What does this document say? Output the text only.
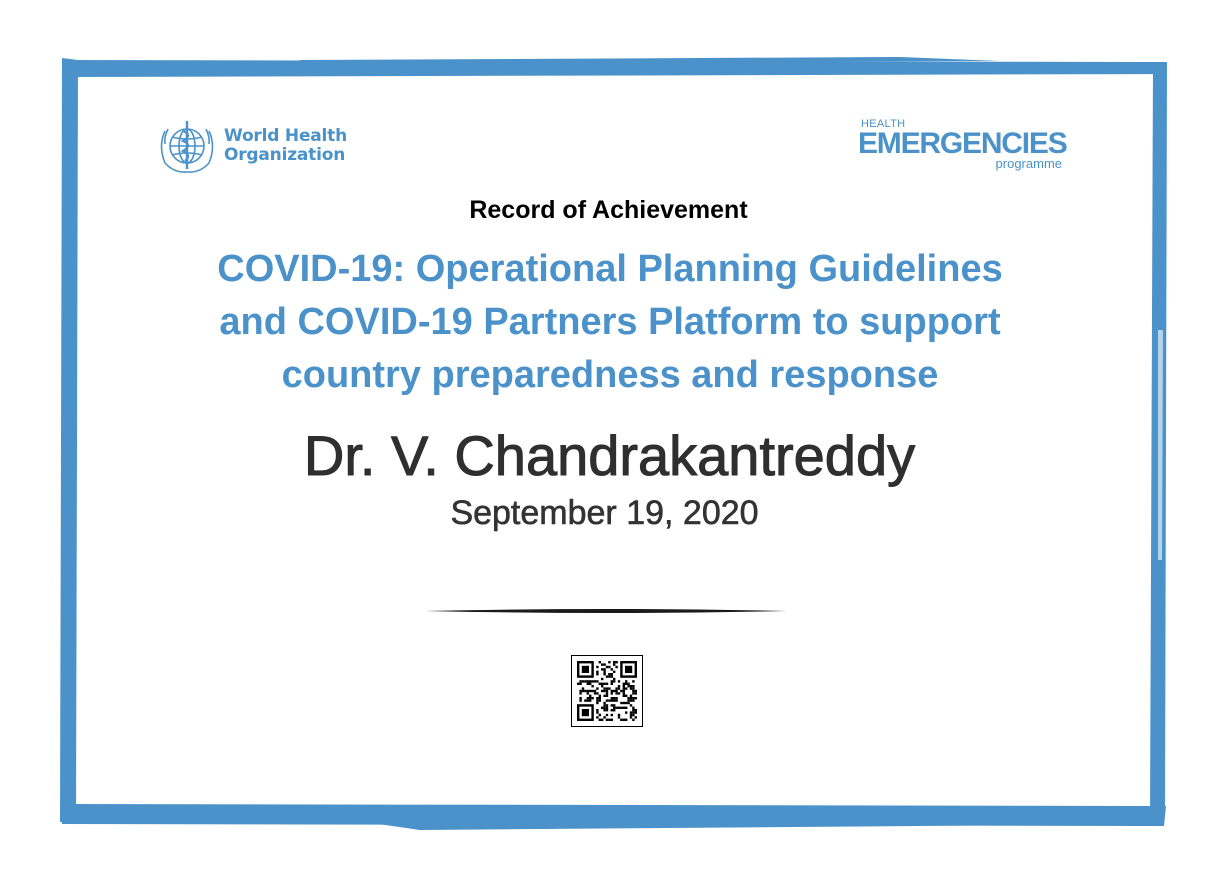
World Health
Organization
HEALTH
EMERGENCIES
programme
Record of Achievement
COVID-19: Operational Planning Guidelines
and COVID-19 Partners Platform to support
country preparedness and response
Dr. V. Chandrakantreddy
September 19, 2020
